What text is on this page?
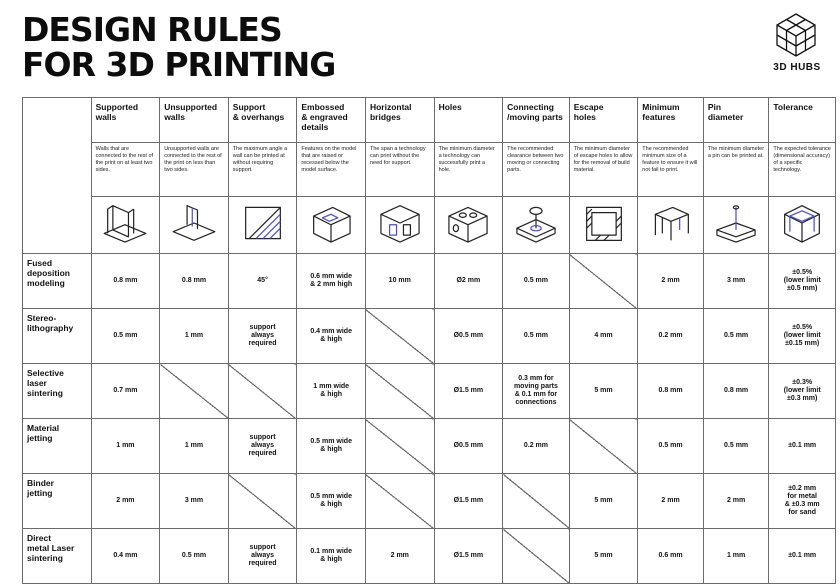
DESIGN RULES
FOR 3D PRINTING	3D HUBS
	Supported
walls	Unsupported
walls	Support
& overhangs	Embossed
& engraved
details	Horizontal
bridges	Holes	Connecting
/moving parts	Escape
holes	Minimum
features	Pin
diameter	Tolerance
	Walls that are connected to the rest of the print on at least two sides.	Unsupported walls are connected to the rest of the print on less than two sides.	The maximum angle a wall can be printed at without requiring support.	Features on the model that are raised or recessed below the model surface.	The span a technology can print without the need for support.	The minimum diameter a technology can successfully print a hole.	The recommended clearance between two moving or connecting parts.	The minimum diameter of escape holes to allow for the removal of build material.	The recommended minimum size of a feature to ensure it will not fail to print.	The minimum diameter a pin can be printed at.	The expected tolerance (dimensional accuracy) of a specific technology.

Fused
deposition
modeling	0.8 mm	0.8 mm	45°	0.6 mm wide
& 2 mm high	10 mm	Ø2 mm	0.5 mm		2 mm	3 mm	±0.5%
(lower limit
±0.5 mm)
Stereo-
lithography	0.5 mm	1 mm	support
always
required	0.4 mm wide
& high		Ø0.5 mm	0.5 mm	4 mm	0.2 mm	0.5 mm	±0.5%
(lower limit
±0.15 mm)
Selective
laser
sintering	0.7 mm			1 mm wide
& high		Ø1.5 mm	0.3 mm for
moving parts
& 0.1 mm for
connections	5 mm	0.8 mm	0.8 mm	±0.3%
(lower limit
±0.3 mm)
Material
jetting	1 mm	1 mm	support
always
required	0.5 mm wide
& high		Ø0.5 mm	0.2 mm		0.5 mm	0.5 mm	±0.1 mm
Binder
jetting	2 mm	3 mm		0.5 mm wide
& high		Ø1.5 mm		5 mm	2 mm	2 mm	±0.2 mm
for metal
& ±0.3 mm
for sand
Direct
metal Laser
sintering	0.4 mm	0.5 mm	support
always
required	0.1 mm wide
& high	2 mm	Ø1.5 mm		5 mm	0.6 mm	1 mm	±0.1 mm
